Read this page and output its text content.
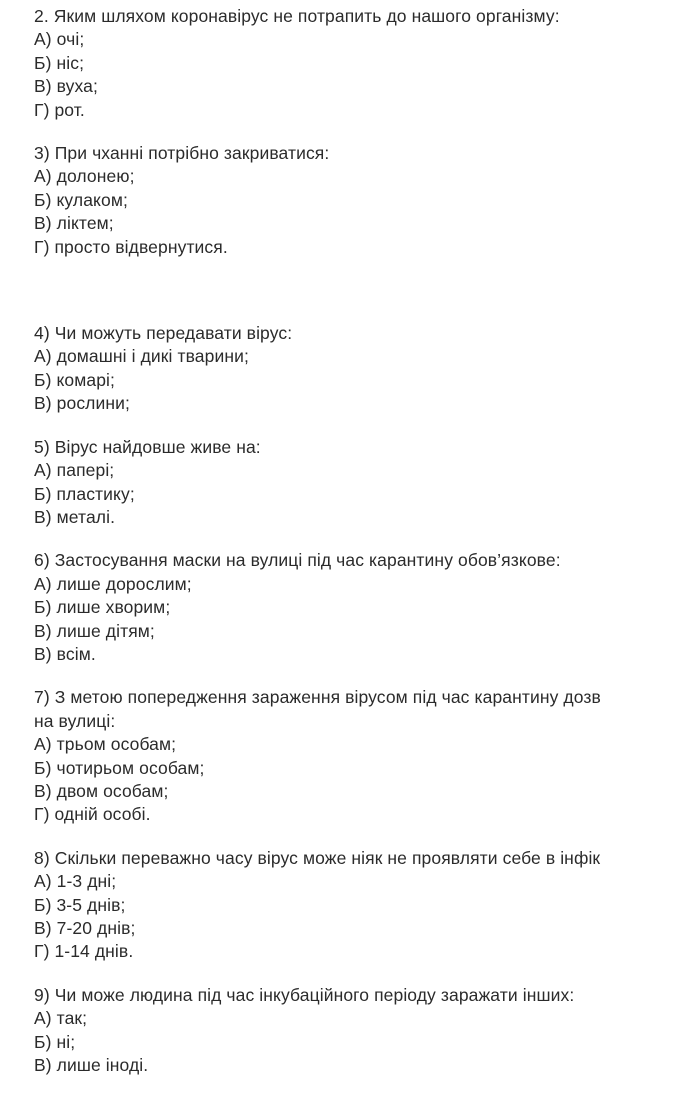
2. Яким шляхом коронавірус не потрапить до нашого організму:
А) очі;
Б) ніс;
В) вуха;
Г) рот.
3) При чханні потрібно закриватися:
А) долонею;
Б) кулаком;
В) ліктем;
Г) просто відвернутися.
4) Чи можуть передавати вірус:
А) домашні і дикі тварини;
Б) комарі;
В) рослини;
5) Вірус найдовше живе на:
А) папері;
Б) пластику;
В) металі.
6) Застосування маски на вулиці під час карантину обов’язкове:
А) лише дорослим;
Б) лише хворим;
В) лише дітям;
В) всім.
7) З метою попередження зараження вірусом під час карантину дозв
на вулиці:
А) трьом особам;
Б) чотирьом особам;
В) двом особам;
Г) одній особі.
8) Скільки переважно часу вірус може ніяк не проявляти себе в інфік
А) 1-3 дні;
Б) 3-5 днів;
В) 7-20 днів;
Г) 1-14 днів.
9) Чи може людина під час інкубаційного періоду заражати інших:
А) так;
Б) ні;
В) лише іноді.
